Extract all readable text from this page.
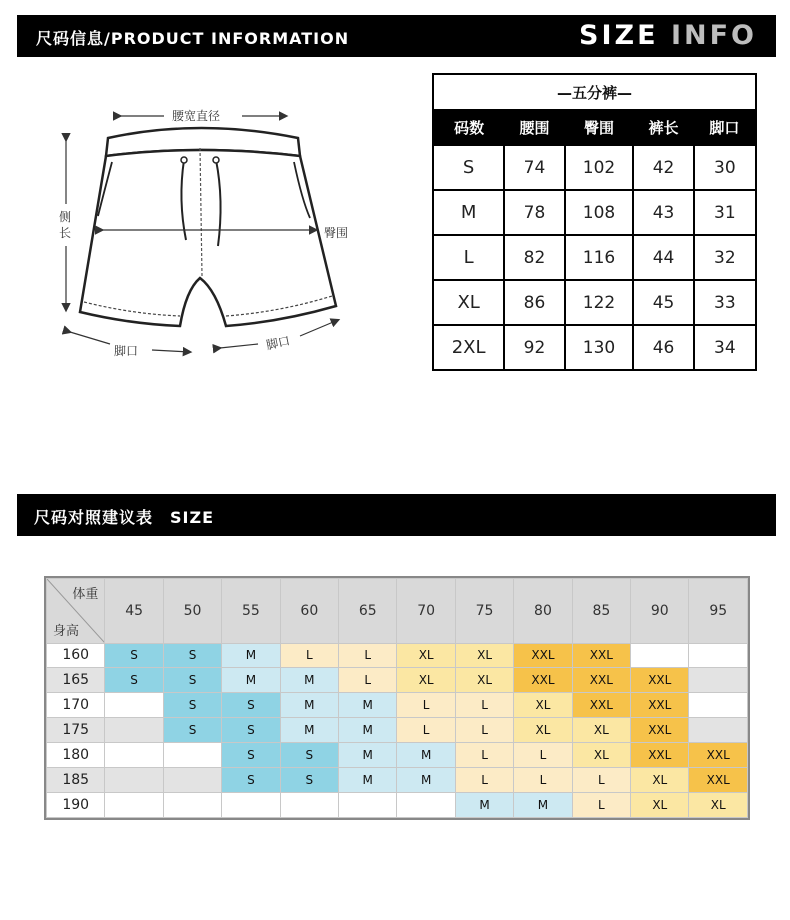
尺码信息/PRODUCT INFORMATION	SIZE INFO
腰宽直径
侧
长	臀围
脚口	脚口
—五分裤—				
码数	腰围	臀围	裤长	脚口
S	74	102	42	30
M	78	108	43	31
L	82	116	44	32
XL	86	122	45	33
2XL	92	130	46	34
尺码对照建议表　SIZE
体重
身高	45	50	55	60	65	70	75	80	85	90	95
160	S	S	M	L	L	XL	XL	XXL	XXL		
165	S	S	M	M	L	XL	XL	XXL	XXL	XXL	
170		S	S	M	M	L	L	XL	XXL	XXL	
175		S	S	M	M	L	L	XL	XL	XXL	
180			S	S	M	M	L	L	XL	XXL	XXL
185			S	S	M	M	L	L	L	XL	XXL
190							M	M	L	XL	XL
